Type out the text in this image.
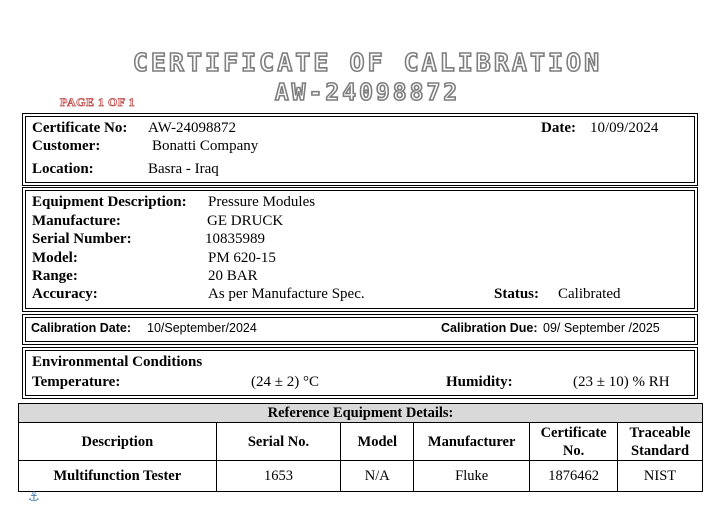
CERTIFICATE OF CALIBRATION
AW-24098872
PAGE 1 OF 1
Certificate No: AW-24098872	Date: 10/09/2024
Customer:	Bonatti Company
Location:	Basra - Iraq
Equipment Description: Pressure Modules
Manufacture:	GE DRUCK
Serial Number:	10835989
Model:	PM 620-15
Range:	20 BAR
Accuracy:	As per Manufacture Spec.	Status: Calibrated
Calibration Date: 10/September/2024	Calibration Due: 09/ September /2025
Environmental Conditions
Temperature:	(24 ± 2) °C	Humidity:	(23 ± 10) % RH
Reference Equipment Details:					
Description	Serial No.	Model	Manufacturer	Certificate No.	Traceable Standard
Multifunction Tester	1653	N/A	Fluke	1876462	NIST
⚓
